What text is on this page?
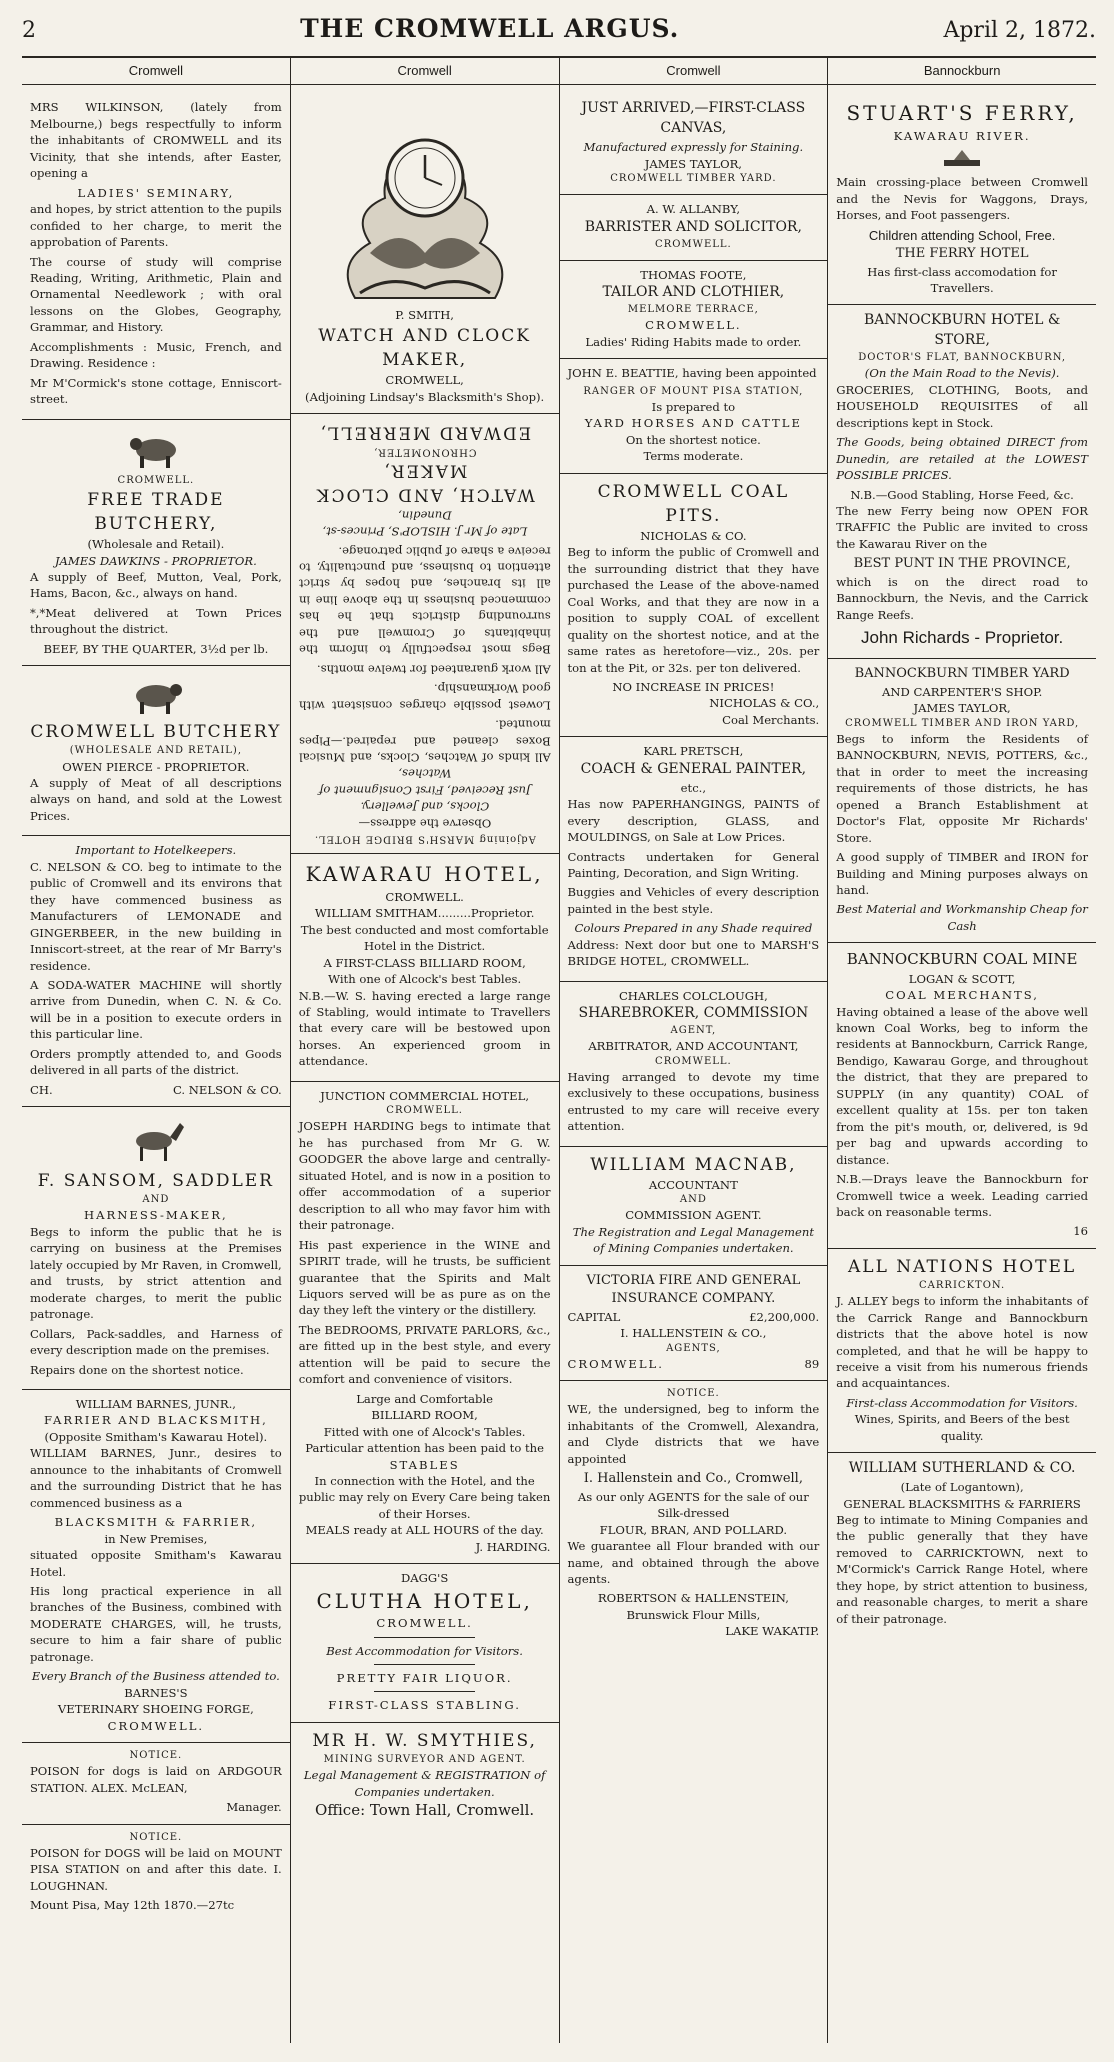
2	THE CROMWELL ARGUS.	April 2, 1872.
Cromwell

MRS WILKINSON, (lately from Melbourne,) begs respectfully to inform the inhabitants of CROMWELL and its Vicinity, that she intends, after Easter, opening a

LADIES' SEMINARY,

and hopes, by strict attention to the pupils confided to her charge, to merit the approbation of Parents.

The course of study will comprise Reading, Writing, Arithmetic, Plain and Ornamental Needlework ; with oral lessons on the Globes, Geography, Grammar, and History.

Accomplishments : Music, French, and Drawing. Residence :

Mr M'Cormick's stone cottage, Enniscort-street.

CROMWELL.
FREE TRADE BUTCHERY,
(Wholesale and Retail).
JAMES DAWKINS - PROPRIETOR.

A supply of Beef, Mutton, Veal, Pork, Hams, Bacon, &c., always on hand.

*,*Meat delivered at Town Prices throughout the district.

BEEF, BY THE QUARTER, 3½d per lb.
CROMWELL BUTCHERY
(WHOLESALE AND RETAIL),
OWEN PIERCE - PROPRIETOR.

A supply of Meat of all descriptions always on hand, and sold at the Lowest Prices.

Important to Hotelkeepers.

C. NELSON & CO. beg to intimate to the public of Cromwell and its environs that they have commenced business as Manufacturers of LEMONADE and GINGERBEER, in the new building in Inniscort-street, at the rear of Mr Barry's residence.

A SODA-WATER MACHINE will shortly arrive from Dunedin, when C. N. & Co. will be in a position to execute orders in this particular line.

Orders promptly attended to, and Goods delivered in all parts of the district.

CH.	C. NELSON & CO.
F. SANSOM, SADDLER
AND
HARNESS-MAKER,

Begs to inform the public that he is carrying on business at the Premises lately occupied by Mr Raven, in Cromwell, and trusts, by strict attention and moderate charges, to merit the public patronage.

Collars, Pack-saddles, and Harness of every description made on the premises.

Repairs done on the shortest notice.

WILLIAM BARNES, JUNR.,
FARRIER AND BLACKSMITH,
(Opposite Smitham's Kawarau Hotel).

WILLIAM BARNES, Junr., desires to announce to the inhabitants of Cromwell and the surrounding District that he has commenced business as a

BLACKSMITH & FARRIER,
in New Premises,

situated opposite Smitham's Kawarau Hotel.

His long practical experience in all branches of the Business, combined with MODERATE CHARGES, will, he trusts, secure to him a fair share of public patronage.

Every Branch of the Business attended to.
BARNES'S
VETERINARY SHOEING FORGE,
CROMWELL.
NOTICE.

POISON for dogs is laid on ARDGOUR STATION. ALEX. McLEAN,

Manager.
NOTICE.

POISON for DOGS will be laid on MOUNT PISA STATION on and after this date. I. LOUGHNAN.

Mount Pisa, May 12th 1870.—27tc

Cromwell
P. SMITH,
WATCH AND CLOCK MAKER,
CROMWELL,
(Adjoining Lindsay's Blacksmith's Shop).
Adjoining MARSH'S BRIDGE HOTEL.
Observe the address—
Clocks, and Jewellery.
Just Received, First Consignment of Watches,

All kinds of Watches, Clocks, and Musical Boxes cleaned and repaired.—Pipes mounted.

Lowest possible charges consistent with good Workmanship.

All work guaranteed for twelve months.

Begs most respectfully to inform the inhabitants of Cromwell and the surrounding districts that he has commenced business in the above line in all its branches, and hopes by strict attention to business, and punctuality, to receive a share of public patronage.

Late of Mr J. HISLOP'S, Princes-st, Dunedin,
WATCH, AND CLOCK MAKER,
CHRONOMETER,
EDWARD MERRELL,
KAWARAU HOTEL,
CROMWELL.
WILLIAM SMITHAM.........Proprietor.
The best conducted and most comfortable Hotel in the District.
A FIRST-CLASS BILLIARD ROOM,
With one of Alcock's best Tables.

N.B.—W. S. having erected a large range of Stabling, would intimate to Travellers that every care will be bestowed upon horses. An experienced groom in attendance.

JUNCTION COMMERCIAL HOTEL,
CROMWELL.

JOSEPH HARDING begs to intimate that he has purchased from Mr G. W. GOODGER the above large and centrally-situated Hotel, and is now in a position to offer accommodation of a superior description to all who may favor him with their patronage.

His past experience in the WINE and SPIRIT trade, will he trusts, be sufficient guarantee that the Spirits and Malt Liquors served will be as pure as on the day they left the vintery or the distillery.

The BEDROOMS, PRIVATE PARLORS, &c., are fitted up in the best style, and every attention will be paid to secure the comfort and convenience of visitors.

Large and Comfortable
BILLIARD ROOM,
Fitted with one of Alcock's Tables.
Particular attention has been paid to the
STABLES
In connection with the Hotel, and the public may rely on Every Care being taken of their Horses.
MEALS ready at ALL HOURS of the day.
J. HARDING.
DAGG'S
CLUTHA HOTEL,
CROMWELL.
Best Accommodation for Visitors.
PRETTY FAIR LIQUOR.
FIRST-CLASS STABLING.
MR H. W. SMYTHIES,
MINING SURVEYOR AND AGENT.
Legal Management & REGISTRATION of Companies undertaken.
Office: Town Hall, Cromwell.
Cromwell
JUST ARRIVED,—FIRST-CLASS CANVAS,
Manufactured expressly for Staining.
JAMES TAYLOR,
CROMWELL TIMBER YARD.
A. W. ALLANBY,
BARRISTER AND SOLICITOR,
CROMWELL.
THOMAS FOOTE,
TAILOR AND CLOTHIER,
MELMORE TERRACE,
CROMWELL.
Ladies' Riding Habits made to order.

JOHN E. BEATTIE, having been appointed

RANGER OF MOUNT PISA STATION,
Is prepared to
YARD HORSES AND CATTLE
On the shortest notice.
Terms moderate.
CROMWELL COAL PITS.
NICHOLAS & CO.

Beg to inform the public of Cromwell and the surrounding district that they have purchased the Lease of the above-named Coal Works, and that they are now in a position to supply COAL of excellent quality on the shortest notice, and at the same rates as heretofore—viz., 20s. per ton at the Pit, or 32s. per ton delivered.

NO INCREASE IN PRICES!
NICHOLAS & CO.,
Coal Merchants.
KARL PRETSCH,
COACH & GENERAL PAINTER,
etc.,

Has now PAPERHANGINGS, PAINTS of every description, GLASS, and MOULDINGS, on Sale at Low Prices.

Contracts undertaken for General Painting, Decoration, and Sign Writing.

Buggies and Vehicles of every description painted in the best style.

Colours Prepared in any Shade required

Address: Next door but one to MARSH'S BRIDGE HOTEL, CROMWELL.

CHARLES COLCLOUGH,
SHAREBROKER, COMMISSION
AGENT,
ARBITRATOR, AND ACCOUNTANT,
CROMWELL.

Having arranged to devote my time exclusively to these occupations, business entrusted to my care will receive every attention.

WILLIAM MACNAB,
ACCOUNTANT
AND
COMMISSION AGENT.
The Registration and Legal Management of Mining Companies undertaken.
VICTORIA FIRE AND GENERAL INSURANCE COMPANY.
CAPITAL	£2,200,000.
I. HALLENSTEIN & CO.,
AGENTS,
CROMWELL.	89
NOTICE.

WE, the undersigned, beg to inform the inhabitants of the Cromwell, Alexandra, and Clyde districts that we have appointed

I. Hallenstein and Co., Cromwell,
As our only AGENTS for the sale of our Silk-dressed
FLOUR, BRAN, AND POLLARD.

We guarantee all Flour branded with our name, and obtained through the above agents.

ROBERTSON & HALLENSTEIN,
Brunswick Flour Mills,
LAKE WAKATIP.
Bannockburn
STUART'S FERRY,
KAWARAU RIVER.

Main crossing-place between Cromwell and the Nevis for Waggons, Drays, Horses, and Foot passengers.

Children attending School, Free.
THE FERRY HOTEL
Has first-class accomodation for Travellers.
BANNOCKBURN HOTEL & STORE,
DOCTOR'S FLAT, BANNOCKBURN,
(On the Main Road to the Nevis).

GROCERIES, CLOTHING, Boots, and HOUSEHOLD REQUISITES of all descriptions kept in Stock.

The Goods, being obtained DIRECT from Dunedin, are retailed at the LOWEST POSSIBLE PRICES.

N.B.—Good Stabling, Horse Feed, &c.

The new Ferry being now OPEN FOR TRAFFIC the Public are invited to cross the Kawarau River on the

BEST PUNT IN THE PROVINCE,

which is on the direct road to Bannockburn, the Nevis, and the Carrick Range Reefs.

John Richards - Proprietor.
BANNOCKBURN TIMBER YARD
AND CARPENTER'S SHOP.
JAMES TAYLOR,
CROMWELL TIMBER AND IRON YARD,

Begs to inform the Residents of BANNOCKBURN, NEVIS, POTTERS, &c., that in order to meet the increasing requirements of those districts, he has opened a Branch Establishment at Doctor's Flat, opposite Mr Richards' Store.

A good supply of TIMBER and IRON for Building and Mining purposes always on hand.

Best Material and Workmanship Cheap for Cash
BANNOCKBURN COAL MINE
LOGAN & SCOTT,
COAL MERCHANTS,

Having obtained a lease of the above well known Coal Works, beg to inform the residents at Bannockburn, Carrick Range, Bendigo, Kawarau Gorge, and throughout the district, that they are prepared to SUPPLY (in any quantity) COAL of excellent quality at 15s. per ton taken from the pit's mouth, or, delivered, is 9d per bag and upwards according to distance.

N.B.—Drays leave the Bannockburn for Cromwell twice a week. Leading carried back on reasonable terms.

16
ALL NATIONS HOTEL
CARRICKTON.

J. ALLEY begs to inform the inhabitants of the Carrick Range and Bannockburn districts that the above hotel is now completed, and that he will be happy to receive a visit from his numerous friends and acquaintances.

First-class Accommodation for Visitors.
Wines, Spirits, and Beers of the best quality.
WILLIAM SUTHERLAND & CO.
(Late of Logantown),
GENERAL BLACKSMITHS & FARRIERS

Beg to intimate to Mining Companies and the public generally that they have removed to CARRICKTOWN, next to M'Cormick's Carrick Range Hotel, where they hope, by strict attention to business, and reasonable charges, to merit a share of their patronage.
